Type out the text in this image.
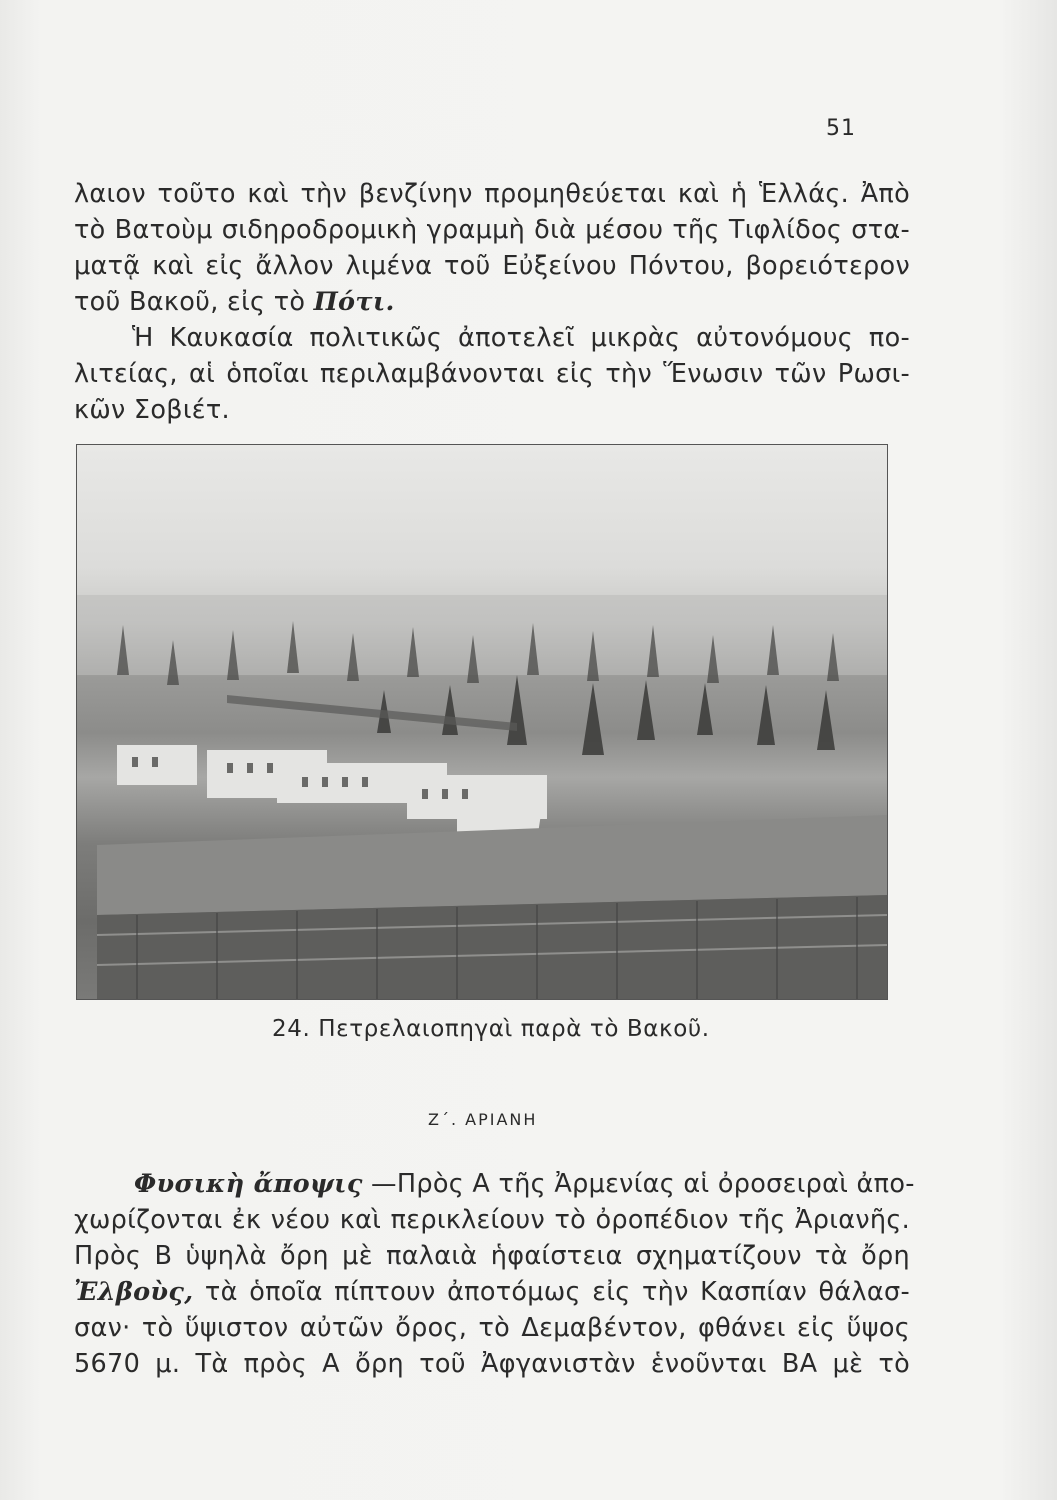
51

λαιον τοῦτο καὶ τὴν βενζίνην προμηθεύεται καὶ ἡ Ἑλλάς. Ἀπὸ
τὸ Βατοὺμ σιδηροδρομικὴ γραμμὴ διὰ μέσου τῆς Τιφλίδος στα-
ματᾷ καὶ εἰς ἄλλον λιμένα τοῦ Εὐξείνου Πόντου, βορειότερον
τοῦ Βακοῦ, εἰς τὸ Πότι.

Ἡ Καυκασία πολιτικῶς ἀποτελεῖ μικρὰς αὐτονόμους πο-
λιτείας, αἱ ὁποῖαι περιλαμβάνονται εἰς τὴν Ἕνωσιν τῶν Ρωσι-
κῶν Σοβιέτ.

24. Πετρελαιοπηγαὶ παρὰ τὸ Βακοῦ.
Ζ΄. ΑΡΙΑΝΗ

Φυσικὴ ἄποψις —Πρὸς Α τῆς Ἀρμενίας αἱ ὀροσειραὶ ἀπο-
χωρίζονται ἐκ νέου καὶ περικλείουν τὸ ὀροπέδιον τῆς Ἀριανῆς.
Πρὸς Β ὑψηλὰ ὄρη μὲ παλαιὰ ἡφαίστεια σχηματίζουν τὰ ὄρη
Ἐλβοὺς, τὰ ὁποῖα πίπτουν ἀποτόμως εἰς τὴν Κασπίαν θάλασ-
σαν· τὸ ὕψιστον αὐτῶν ὄρος, τὸ Δεμαβέντον, φθάνει εἰς ὕψος
5670 μ. Τὰ πρὸς Α ὄρη τοῦ Ἀφγανιστὰν ἑνοῦνται ΒΑ μὲ τὸ
